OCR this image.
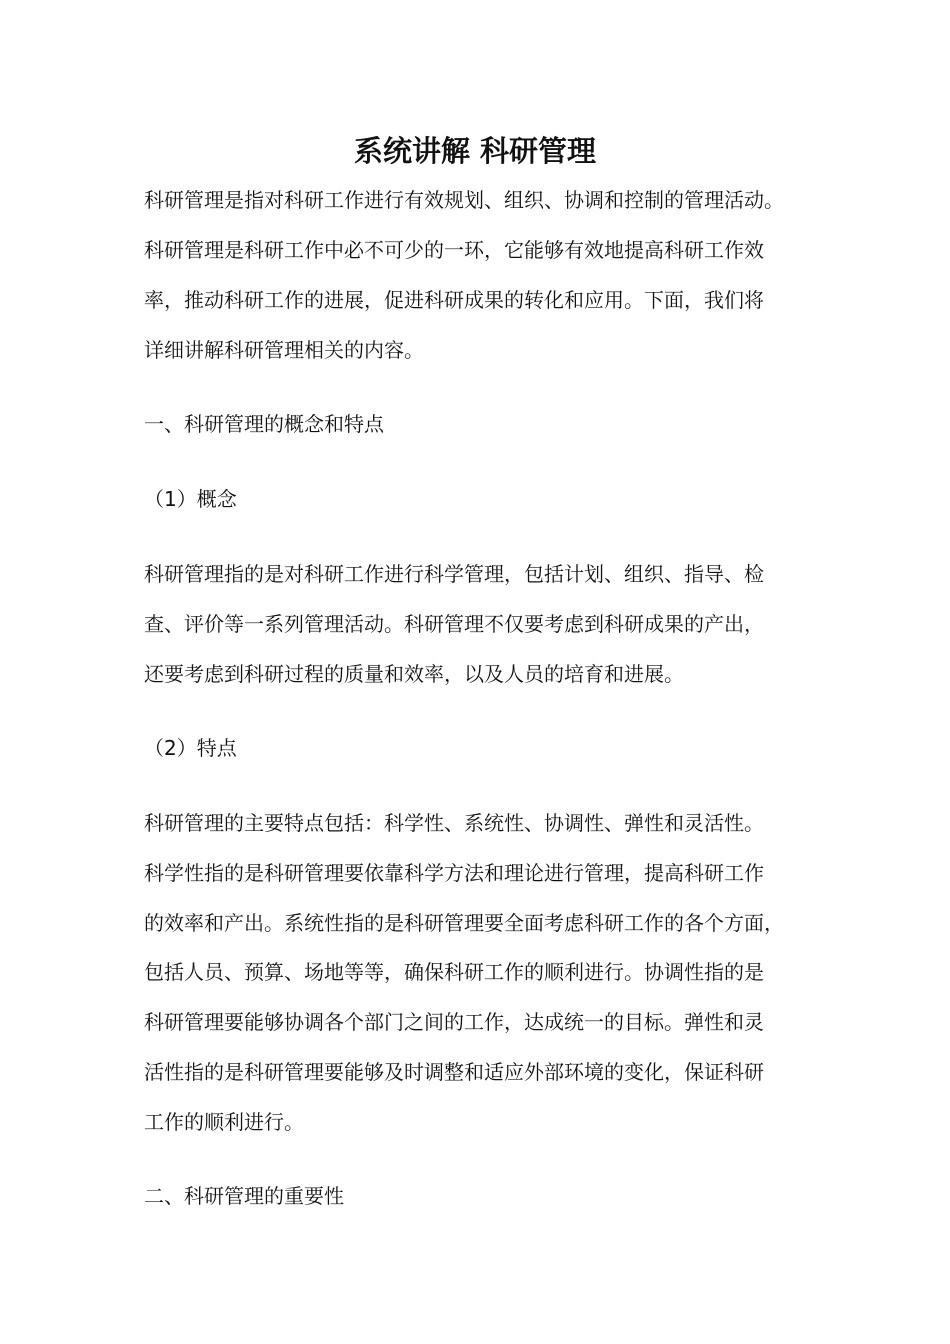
系统讲解 科研管理

科研管理是指对科研工作进行有效规划、组织、协调和控制的管理活动。

科研管理是科研工作中必不可少的一环，它能够有效地提高科研工作效

率，推动科研工作的进展，促进科研成果的转化和应用。下面，我们将

详细讲解科研管理相关的内容。

一、科研管理的概念和特点

（1）概念

科研管理指的是对科研工作进行科学管理，包括计划、组织、指导、检

查、评价等一系列管理活动。科研管理不仅要考虑到科研成果的产出，

还要考虑到科研过程的质量和效率，以及人员的培育和进展。

（2）特点

科研管理的主要特点包括：科学性、系统性、协调性、弹性和灵活性。

科学性指的是科研管理要依靠科学方法和理论进行管理，提高科研工作

的效率和产出。系统性指的是科研管理要全面考虑科研工作的各个方面，

包括人员、预算、场地等等，确保科研工作的顺利进行。协调性指的是

科研管理要能够协调各个部门之间的工作，达成统一的目标。弹性和灵

活性指的是科研管理要能够及时调整和适应外部环境的变化，保证科研

工作的顺利进行。

二、科研管理的重要性
